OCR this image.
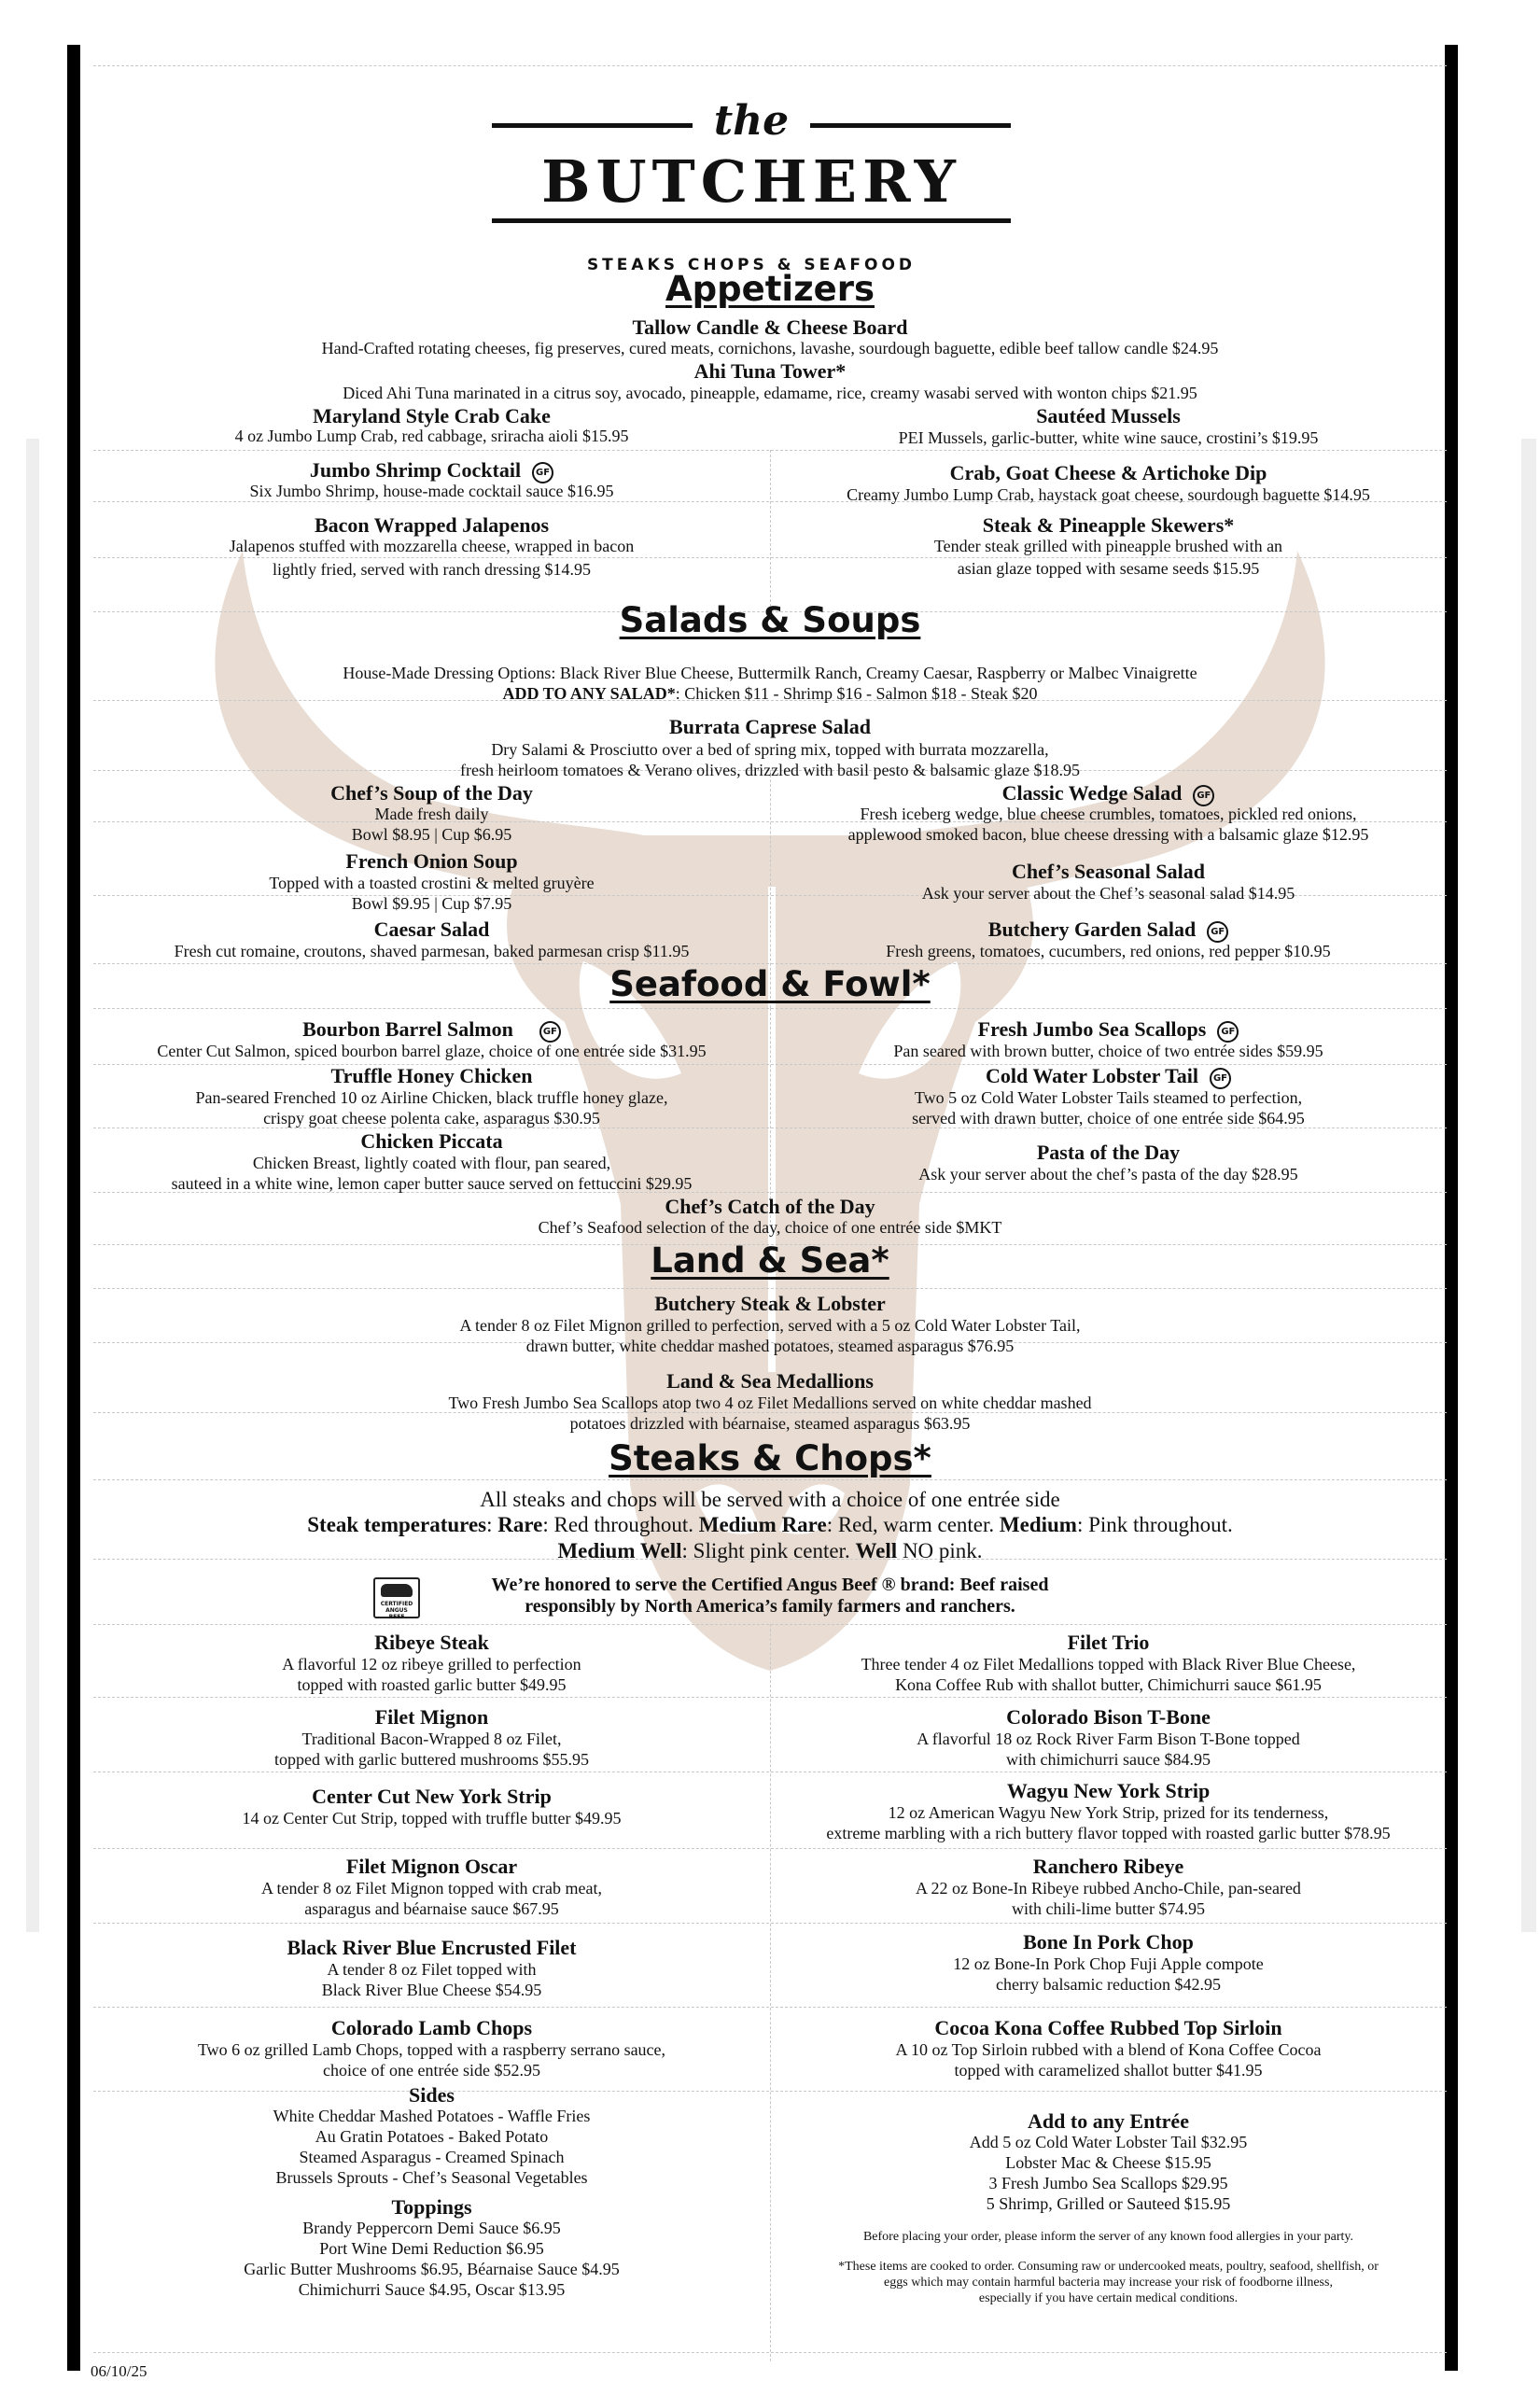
the
BUTCHERY
STEAKS CHOPS & SEAFOOD
Appetizers
Tallow Candle & Cheese Board
Hand-Crafted rotating cheeses, fig preserves, cured meats, cornichons, lavashe, sourdough baguette, edible beef tallow candle $24.95
Ahi Tuna Tower*
Diced Ahi Tuna marinated in a citrus soy, avocado, pineapple, edamame, rice, creamy wasabi served with wonton chips $21.95
Maryland Style Crab Cake
4 oz Jumbo Lump Crab, red cabbage, sriracha aioli $15.95
Sautéed Mussels
PEI Mussels, garlic-butter, white wine sauce, crostini’s $19.95
Jumbo Shrimp Cocktail GF
Six Jumbo Shrimp, house-made cocktail sauce $16.95
Crab, Goat Cheese & Artichoke Dip
Creamy Jumbo Lump Crab, haystack goat cheese, sourdough baguette $14.95
Bacon Wrapped Jalapenos
Jalapenos stuffed with mozzarella cheese, wrapped in bacon
lightly fried, served with ranch dressing $14.95
Steak & Pineapple Skewers*
Tender steak grilled with pineapple brushed with an
asian glaze topped with sesame seeds $15.95
Salads & Soups
House-Made Dressing Options: Black River Blue Cheese, Buttermilk Ranch, Creamy Caesar, Raspberry or Malbec Vinaigrette
ADD TO ANY SALAD*: Chicken $11 - Shrimp $16 - Salmon $18 - Steak $20
Burrata Caprese Salad
Dry Salami & Prosciutto over a bed of spring mix, topped with burrata mozzarella,
fresh heirloom tomatoes & Verano olives, drizzled with basil pesto & balsamic glaze $18.95
Chef’s Soup of the Day
Made fresh daily
Bowl $8.95 | Cup $6.95
Classic Wedge Salad GF
Fresh iceberg wedge, blue cheese crumbles, tomatoes, pickled red onions,
applewood smoked bacon, blue cheese dressing with a balsamic glaze $12.95
French Onion Soup
Topped with a toasted crostini & melted gruyère
Bowl $9.95 | Cup $7.95
Chef’s Seasonal Salad
Ask your server about the Chef’s seasonal salad $14.95
Caesar Salad
Fresh cut romaine, croutons, shaved parmesan, baked parmesan crisp $11.95
Butchery Garden Salad GF
Fresh greens, tomatoes, cucumbers, red onions, red pepper $10.95
Seafood & Fowl*
Bourbon Barrel Salmon	GF
Center Cut Salmon, spiced bourbon barrel glaze, choice of one entrée side $31.95
Fresh Jumbo Sea Scallops GF
Pan seared with brown butter, choice of two entrée sides $59.95
Truffle Honey Chicken
Pan-seared Frenched 10 oz Airline Chicken, black truffle honey glaze,
crispy goat cheese polenta cake, asparagus $30.95
Cold Water Lobster Tail GF
Two 5 oz Cold Water Lobster Tails steamed to perfection,
served with drawn butter, choice of one entrée side $64.95
Chicken Piccata
Chicken Breast, lightly coated with flour, pan seared,
sauteed in a white wine, lemon caper butter sauce served on fettuccini $29.95
Pasta of the Day
Ask your server about the chef’s pasta of the day $28.95
Chef’s Catch of the Day
Chef’s Seafood selection of the day, choice of one entrée side $MKT
Land & Sea*
Butchery Steak & Lobster
A tender 8 oz Filet Mignon grilled to perfection, served with a 5 oz Cold Water Lobster Tail,
drawn butter, white cheddar mashed potatoes, steamed asparagus $76.95
Land & Sea Medallions
Two Fresh Jumbo Sea Scallops atop two 4 oz Filet Medallions served on white cheddar mashed
potatoes drizzled with béarnaise, steamed asparagus $63.95
Steaks & Chops*
All steaks and chops will be served with a choice of one entrée side
Steak temperatures: Rare: Red throughout. Medium Rare: Red, warm center. Medium: Pink throughout.
Medium Well: Slight pink center. Well NO pink.
CERTIFIED ANGUS BEEF
We’re honored to serve the Certified Angus Beef ® brand: Beef raised
responsibly by North America’s family farmers and ranchers.
Ribeye Steak
A flavorful 12 oz ribeye grilled to perfection
topped with roasted garlic butter $49.95
Filet Trio
Three tender 4 oz Filet Medallions topped with Black River Blue Cheese,
Kona Coffee Rub with shallot butter, Chimichurri sauce $61.95
Filet Mignon
Traditional Bacon-Wrapped 8 oz Filet,
topped with garlic buttered mushrooms $55.95
Colorado Bison T-Bone
A flavorful 18 oz Rock River Farm Bison T-Bone topped
with chimichurri sauce $84.95
Center Cut New York Strip
14 oz Center Cut Strip, topped with truffle butter $49.95
Wagyu New York Strip
12 oz American Wagyu New York Strip, prized for its tenderness,
extreme marbling with a rich buttery flavor topped with roasted garlic butter $78.95
Filet Mignon Oscar
A tender 8 oz Filet Mignon topped with crab meat,
asparagus and béarnaise sauce $67.95
Ranchero Ribeye
A 22 oz Bone-In Ribeye rubbed Ancho-Chile, pan-seared
with chili-lime butter $74.95
Black River Blue Encrusted Filet
A tender 8 oz Filet topped with
Black River Blue Cheese $54.95
Bone In Pork Chop
12 oz Bone-In Pork Chop Fuji Apple compote
cherry balsamic reduction $42.95
Colorado Lamb Chops
Two 6 oz grilled Lamb Chops, topped with a raspberry serrano sauce,
choice of one entrée side $52.95
Cocoa Kona Coffee Rubbed Top Sirloin
A 10 oz Top Sirloin rubbed with a blend of Kona Coffee Cocoa
topped with caramelized shallot butter $41.95
Sides
White Cheddar Mashed Potatoes - Waffle Fries
Au Gratin Potatoes - Baked Potato
Steamed Asparagus - Creamed Spinach
Brussels Sprouts - Chef’s Seasonal Vegetables
Toppings
Brandy Peppercorn Demi Sauce $6.95
Port Wine Demi Reduction $6.95
Garlic Butter Mushrooms $6.95, Béarnaise Sauce $4.95
Chimichurri Sauce $4.95, Oscar $13.95
Add to any Entrée
Add 5 oz Cold Water Lobster Tail $32.95
Lobster Mac & Cheese $15.95
3 Fresh Jumbo Sea Scallops $29.95
5 Shrimp, Grilled or Sauteed $15.95
Before placing your order, please inform the server of any known food allergies in your party.
*These items are cooked to order. Consuming raw or undercooked meats, poultry, seafood, shellfish, or
eggs which may contain harmful bacteria may increase your risk of foodborne illness,
especially if you have certain medical conditions.
06/10/25
